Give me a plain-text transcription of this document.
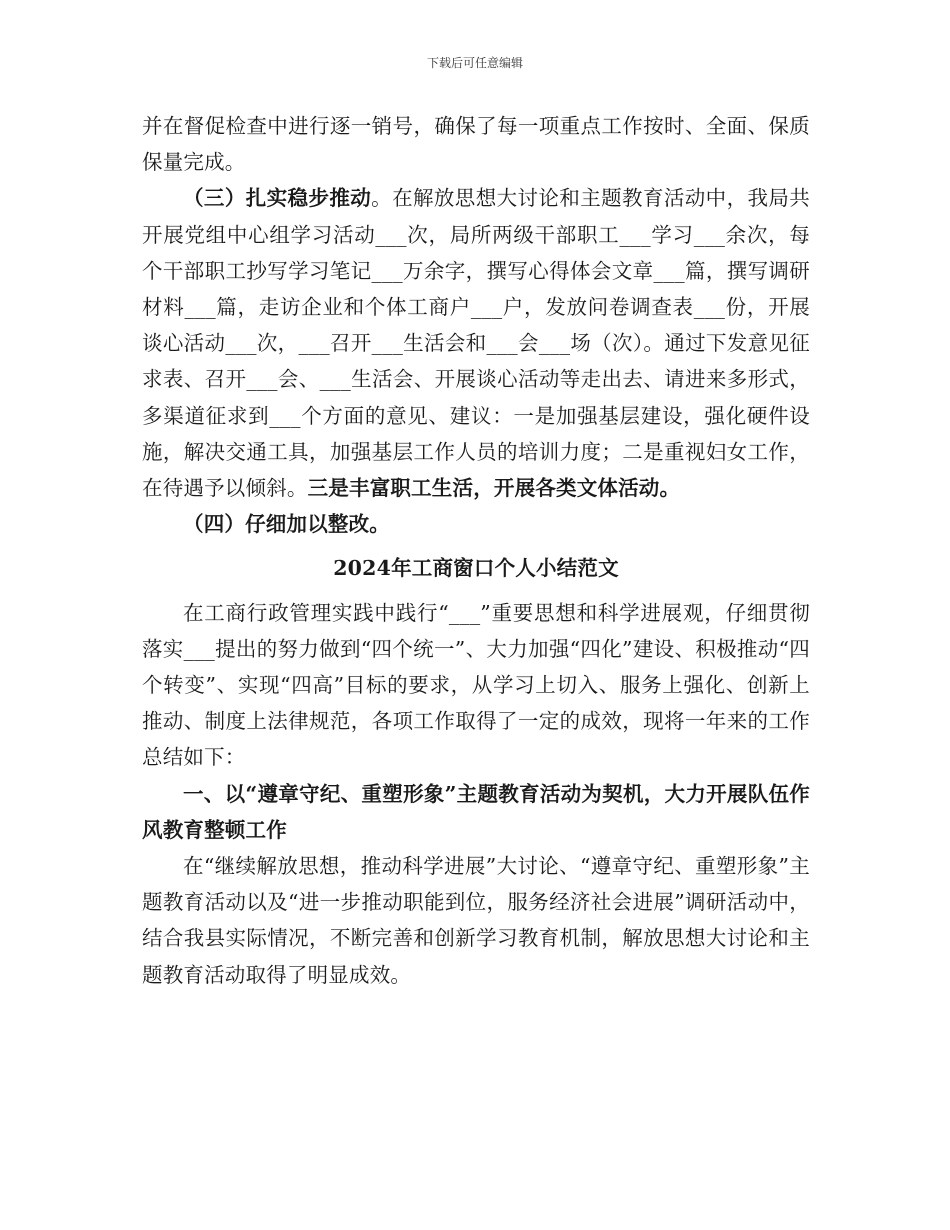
下载后可任意编辑

并在督促检查中进行逐一销号，确保了每一项重点工作按时、全面、保质保量完成。

（三）扎实稳步推动。在解放思想大讨论和主题教育活动中，我局共开展党组中心组学习活动___次，局所两级干部职工___学习___余次，每个干部职工抄写学习笔记___万余字，撰写心得体会文章___篇，撰写调研材料___篇，走访企业和个体工商户___户，发放问卷调查表___份，开展谈心活动___次，___召开___生活会和___会___场（次）。通过下发意见征求表、召开___会、___生活会、开展谈心活动等走出去、请进来多形式，多渠道征求到___个方面的意见、建议：一是加强基层建设，强化硬件设施，解决交通工具，加强基层工作人员的培训力度；二是重视妇女工作，在待遇予以倾斜。三是丰富职工生活，开展各类文体活动。

（四）仔细加以整改。

2024年工商窗口个人小结范文

在工商行政管理实践中践行“___”重要思想和科学进展观，仔细贯彻落实___提出的努力做到“四个统一”、大力加强“四化”建设、积极推动“四个转变”、实现“四高”目标的要求，从学习上切入、服务上强化、创新上推动、制度上法律规范，各项工作取得了一定的成效，现将一年来的工作总结如下：

一、以“遵章守纪、重塑形象”主题教育活动为契机，大力开展队伍作风教育整顿工作

在“继续解放思想，推动科学进展”大讨论、“遵章守纪、重塑形象”主题教育活动以及“进一步推动职能到位，服务经济社会进展”调研活动中，结合我县实际情况，不断完善和创新学习教育机制，解放思想大讨论和主题教育活动取得了明显成效。
